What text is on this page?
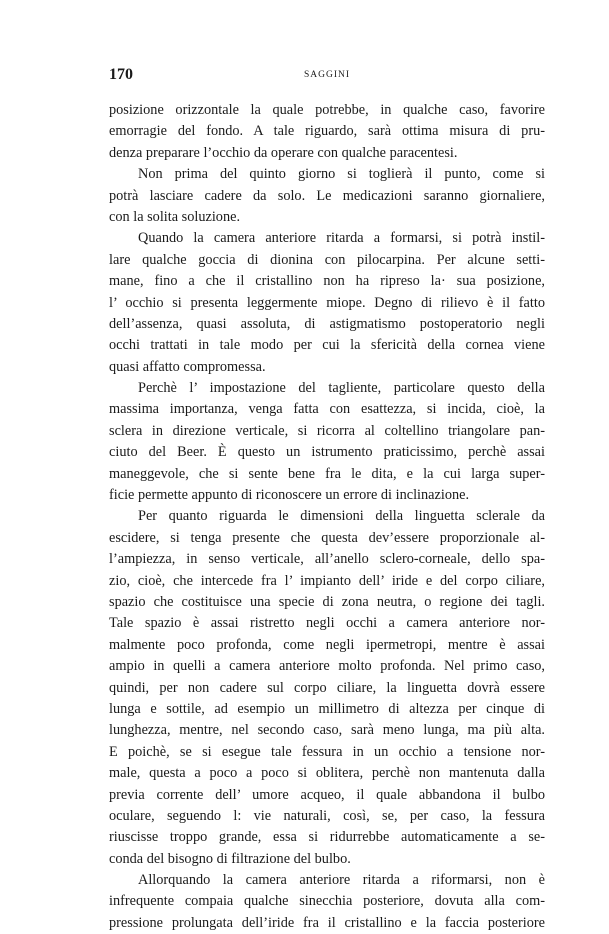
170	SAGGINI
posizione orizzontale la quale potrebbe, in qualche caso, favorire
emorragie del fondo. A tale riguardo, sarà ottima misura di pru-
denza preparare l’occhio da operare con qualche paracentesi.
Non prima del quinto giorno si toglierà il punto, come si
potrà lasciare cadere da solo. Le medicazioni saranno giornaliere,
con la solita soluzione.
Quando la camera anteriore ritarda a formarsi, si potrà instil-
lare qualche goccia di dionina con pilocarpina. Per alcune setti-
mane, fino a che il cristallino non ha ripreso la· sua posizione,
l’ occhio si presenta leggermente miope. Degno di rilievo è il fatto
dell’assenza, quasi assoluta, di astigmatismo postoperatorio negli
occhi trattati in tale modo per cui la sfericità della cornea viene
quasi affatto compromessa.
Perchè l’ impostazione del tagliente, particolare questo della
massima importanza, venga fatta con esattezza, si incida, cioè, la
sclera in direzione verticale, si ricorra al coltellino triangolare pan-
ciuto del Beer. È questo un istrumento praticissimo, perchè assai
maneggevole, che si sente bene fra le dita, e la cui larga super-
ficie permette appunto di riconoscere un errore di inclinazione.
Per quanto riguarda le dimensioni della linguetta sclerale da
escidere, si tenga presente che questa dev’essere proporzionale al-
l’ampiezza, in senso verticale, all’anello sclero-corneale, dello spa-
zio, cioè, che intercede fra l’ impianto dell’ iride e del corpo ciliare,
spazio che costituisce una specie di zona neutra, o regione dei tagli.
Tale spazio è assai ristretto negli occhi a camera anteriore nor-
malmente poco profonda, come negli ipermetropi, mentre è assai
ampio in quelli a camera anteriore molto profonda. Nel primo caso,
quindi, per non cadere sul corpo ciliare, la linguetta dovrà essere
lunga e sottile, ad esempio un millimetro di altezza per cinque di
lunghezza, mentre, nel secondo caso, sarà meno lunga, ma più alta.
E poichè, se si esegue tale fessura in un occhio a tensione nor-
male, questa a poco a poco si oblitera, perchè non mantenuta dalla
previa corrente dell’ umore acqueo, il quale abbandona il bulbo
oculare, seguendo l: vie naturali, così, se, per caso, la fessura
riuscisse troppo grande, essa si ridurrebbe automaticamente a se-
conda del bisogno di filtrazione del bulbo.
Allorquando la camera anteriore ritarda a riformarsi, non è
infrequente compaia qualche sinecchia posteriore, dovuta alla com-
pressione prolungata dell’iride fra il cristallino e la faccia posteriore
